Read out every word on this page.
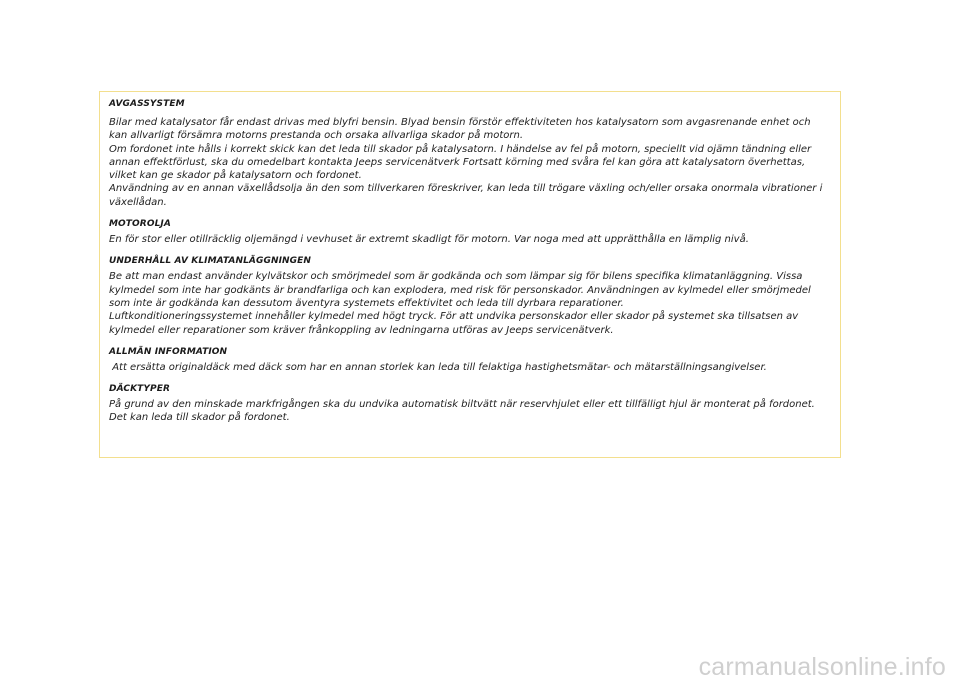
AVGASSYSTEM

Bilar med katalysator får endast drivas med blyfri bensin. Blyad bensin förstör effektiviteten hos katalysatorn som avgasrenande enhet och kan allvarligt försämra motorns prestanda och orsaka allvarliga skador på motorn.
Om fordonet inte hålls i korrekt skick kan det leda till skador på katalysatorn. I händelse av fel på motorn, speciellt vid ojämn tändning eller annan effektförlust, ska du omedelbart kontakta Jeeps servicenätverk Fortsatt körning med svåra fel kan göra att katalysatorn överhettas, vilket kan ge skador på katalysatorn och fordonet.
Användning av en annan växellådsolja än den som tillverkaren föreskriver, kan leda till trögare växling och/eller orsaka onormala vibrationer i växellådan.

MOTOROLJA

En för stor eller otillräcklig oljemängd i vevhuset är extremt skadligt för motorn. Var noga med att upprätthålla en lämplig nivå.

UNDERHÅLL AV KLIMATANLÄGGNINGEN

Be att man endast använder kylvätskor och smörjmedel som är godkända och som lämpar sig för bilens specifika klimatanläggning. Vissa kylmedel som inte har godkänts är brandfarliga och kan explodera, med risk för personskador. Användningen av kylmedel eller smörjmedel som inte är godkända kan dessutom äventyra systemets effektivitet och leda till dyrbara reparationer.
Luftkonditioneringssystemet innehåller kylmedel med högt tryck. För att undvika personskador eller skador på systemet ska tillsatsen av kylmedel eller reparationer som kräver frånkoppling av ledningarna utföras av Jeeps servicenätverk.

ALLMÄN INFORMATION

Att ersätta originaldäck med däck som har en annan storlek kan leda till felaktiga hastighetsmätar- och mätarställningsangivelser.

DÄCKTYPER

På grund av den minskade markfrigången ska du undvika automatisk biltvätt när reservhjulet eller ett tillfälligt hjul är monterat på fordonet. Det kan leda till skador på fordonet.

carmanualsonline.info
